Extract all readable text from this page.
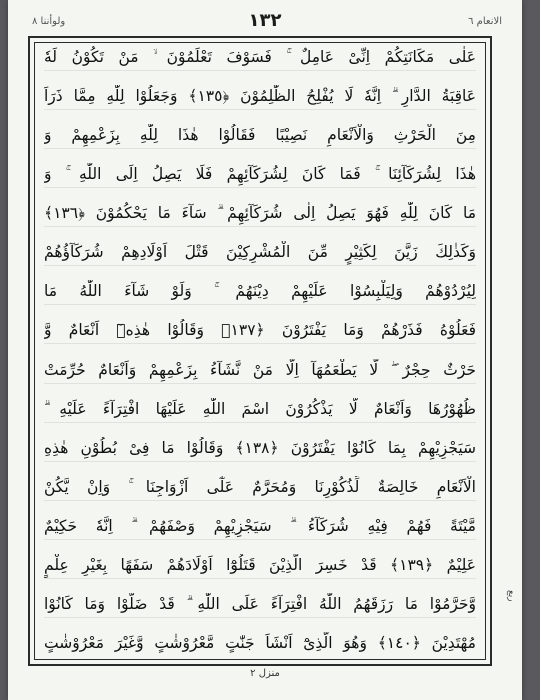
الانعام ٦
١٣٢
ولوأننا ٨
عَلٰى مَكَانَتِكُمْ اِنِّىْ عَامِلٌ ۚ فَسَوْفَ تَعْلَمُوْنَ ۙ مَنْ تَكُوْنُ لَهٗ
عَاقِبَةُ الدَّارِ ۗ اِنَّهٗ لَا يُفْلِحُ الظّٰلِمُوْنَ ﴿١٣٥﴾ وَجَعَلُوْا لِلّٰهِ مِمَّا ذَرَاَ
مِنَ الْحَرْثِ وَالْاَنْعَامِ نَصِيْبًا فَقَالُوْا هٰذَا لِلّٰهِ بِزَعْمِهِمْ وَ
هٰذَا لِشُرَكَآئِنَا ۚ فَمَا كَانَ لِشُرَكَآئِهِمْ فَلَا يَصِلُ اِلَى اللّٰهِ ۚ وَ
مَا كَانَ لِلّٰهِ فَهُوَ يَصِلُ اِلٰى شُرَكَآئِهِمْ ۗ سَآءَ مَا يَحْكُمُوْنَ ﴿١٣٦﴾
وَكَذٰلِكَ زَيَّنَ لِكَثِيْرٍ مِّنَ الْمُشْرِكِيْنَ قَتْلَ اَوْلَادِهِمْ شُرَكَآؤُهُمْ
لِيُرْدُوْهُمْ وَلِيَلْبِسُوْا عَلَيْهِمْ دِيْنَهُمْ ۚ وَلَوْ شَآءَ اللّٰهُ مَا
فَعَلُوْهُ فَذَرْهُمْ وَمَا يَفْتَرُوْنَ ﴿١٣٧﴾ وَقَالُوْا هٰذِهٖٓ اَنْعَامٌ وَّ
حَرْثٌ حِجْرٌ ۖ لَّا يَطْعَمُهَآ اِلَّا مَنْ نَّشَآءُ بِزَعْمِهِمْ وَاَنْعَامٌ حُرِّمَتْ
ظُهُوْرُهَا وَاَنْعَامٌ لَّا يَذْكُرُوْنَ اسْمَ اللّٰهِ عَلَيْهَا افْتِرَآءً عَلَيْهِ ۗ
سَيَجْزِيْهِمْ بِمَا كَانُوْا يَفْتَرُوْنَ ﴿١٣٨﴾ وَقَالُوْا مَا فِىْ بُطُوْنِ هٰذِهِ
الْاَنْعَامِ خَالِصَةٌ لِّذُكُوْرِنَا وَمُحَرَّمٌ عَلٰٓى اَزْوَاجِنَا ۚ وَاِنْ يَّكُنْ
مَّيْتَةً فَهُمْ فِيْهِ شُرَكَآءُ ۗ سَيَجْزِيْهِمْ وَصْفَهُمْ ۗ اِنَّهٗ حَكِيْمٌ
عَلِيْمٌ ﴿١٣٩﴾ قَدْ خَسِرَ الَّذِيْنَ قَتَلُوْٓا اَوْلَادَهُمْ سَفَهًا بِغَيْرِ عِلْمٍ
وَّحَرَّمُوْا مَا رَزَقَهُمُ اللّٰهُ افْتِرَآءً عَلَى اللّٰهِ ۗ قَدْ ضَلُّوْا وَمَا كَانُوْا
مُهْتَدِيْنَ ﴿١٤٠﴾ وَهُوَ الَّذِىْٓ اَنْشَاَ جَنّٰتٍ مَّعْرُوْشٰتٍ وَّغَيْرَ مَعْرُوْشٰتٍ
ربع
منزل ٢
